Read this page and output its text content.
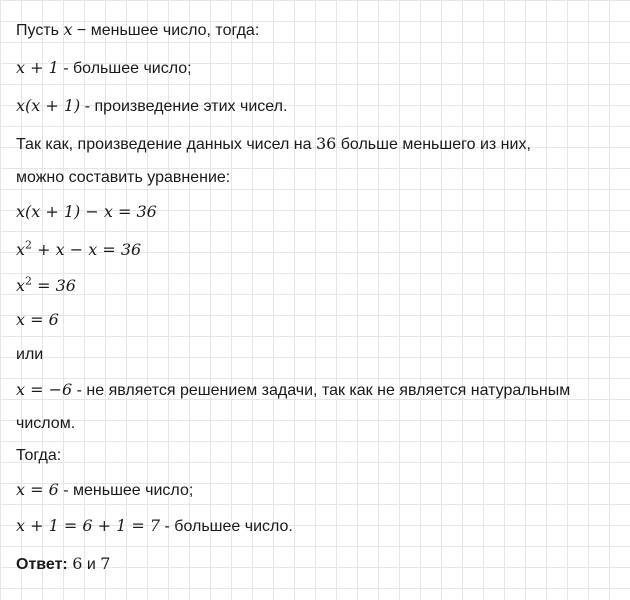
Пусть x − меньшее число, тогда:
x + 1 - большее число;
x(x + 1) - произведение этих чисел.
Так как, произведение данных чисел на 36 больше меньшего из них,
можно составить уравнение:
x(x + 1) − x = 36
$x^2 + x - x = 36$
$x^2 = 36$
x = 6
или
x = −6 - не является решением задачи, так как не является натуральным
числом.
Тогда:
x = 6 - меньшее число;
x + 1 = 6 + 1 = 7 - большее число.
Ответ: 6 и 7
